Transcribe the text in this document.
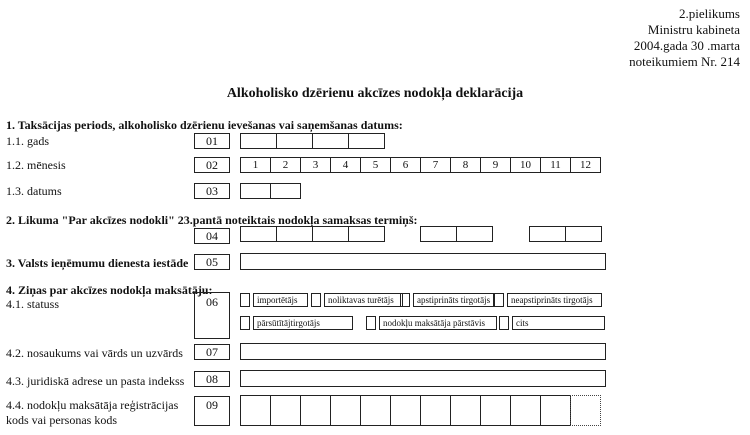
2.pielikums
Ministru kabineta
2004.gada 30 .marta
noteikumiem Nr. 214
Alkoholisko dzērienu akcīzes nodokļa deklarācija
1. Taksācijas periods, alkoholisko dzērienu ievešanas vai saņemšanas datums:
1.1. gads	01
1.2. mēnesis	02	1	2	3	4	5	6	7	8	9	10	11	12
1.3. datums	03
2. Likuma "Par akcīzes nodokli" 23.pantā noteiktais nodokļa samaksas termiņš:
04
3. Valsts ieņēmumu dienesta iestāde	05
4. Ziņas par akcīzes nodokļa maksātāju:
4.1. statuss	06	importētājs	noliktavas turētājs	apstiprināts tirgotājs	neapstiprināts tirgotājs
pārsūtītājtirgotājs	nodokļu maksātāja pārstāvis	cits
4.2. nosaukums vai vārds un uzvārds	07
4.3. juridiskā adrese un pasta indekss	08
4.4. nodokļu maksātāja reģistrācijas
kods vai personas kods
09
